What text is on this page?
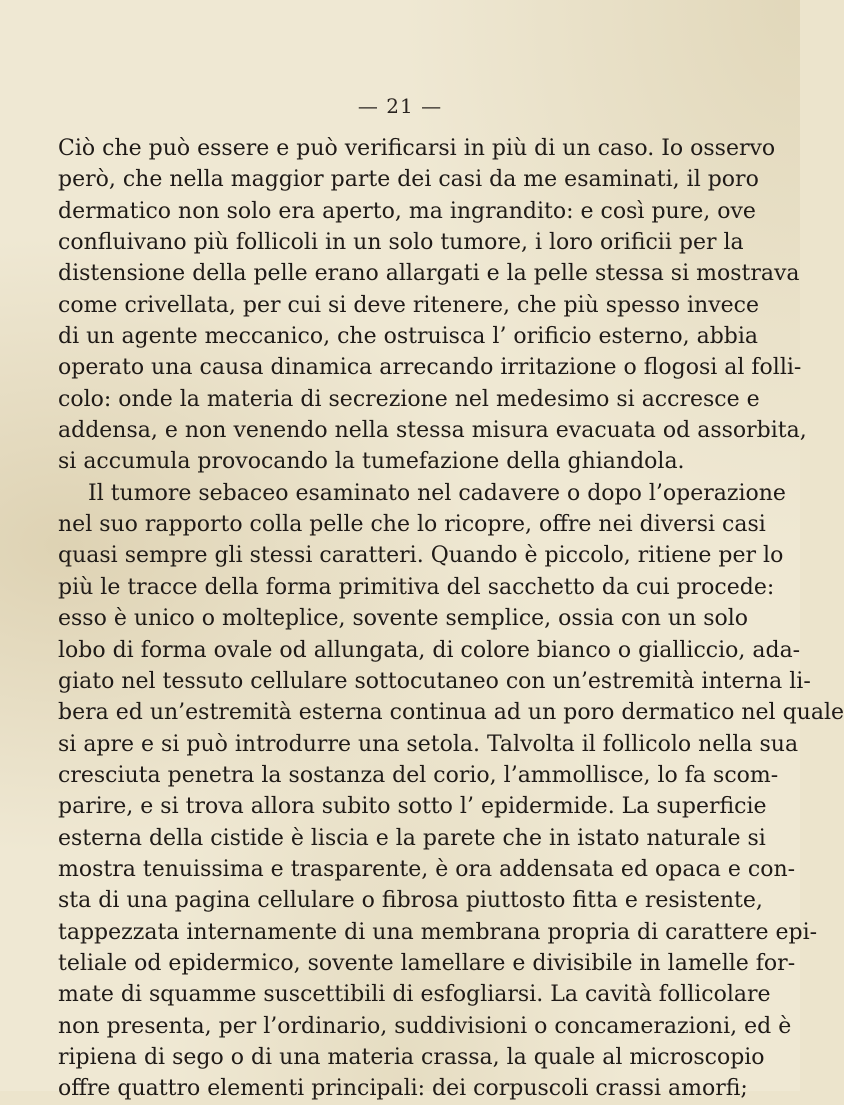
— 21 —
Ciò che può essere e può verificarsi in più di un caso. Io osservo
però, che nella maggior parte dei casi da me esaminati, il poro
dermatico non solo era aperto, ma ingrandito: e così pure, ove
confluivano più follicoli in un solo tumore, i loro orificii per la
distensione della pelle erano allargati e la pelle stessa si mostrava
come crivellata, per cui si deve ritenere, che più spesso invece
di un agente meccanico, che ostruisca l’ orificio esterno, abbia
operato una causa dinamica arrecando irritazione o flogosi al folli-
colo: onde la materia di secrezione nel medesimo si accresce e
addensa, e non venendo nella stessa misura evacuata od assorbita,
si accumula provocando la tumefazione della ghiandola.
Il tumore sebaceo esaminato nel cadavere o dopo l’operazione
nel suo rapporto colla pelle che lo ricopre, offre nei diversi casi
quasi sempre gli stessi caratteri. Quando è piccolo, ritiene per lo
più le tracce della forma primitiva del sacchetto da cui procede:
esso è unico o molteplice, sovente semplice, ossia con un solo
lobo di forma ovale od allungata, di colore bianco o gialliccio, ada-
giato nel tessuto cellulare sottocutaneo con un’estremità interna li-
bera ed un’estremità esterna continua ad un poro dermatico nel quale
si apre e si può introdurre una setola. Talvolta il follicolo nella sua
cresciuta penetra la sostanza del corio, l’ammollisce, lo fa scom-
parire, e si trova allora subito sotto l’ epidermide. La superficie
esterna della cistide è liscia e la parete che in istato naturale si
mostra tenuissima e trasparente, è ora addensata ed opaca e con-
sta di una pagina cellulare o fibrosa piuttosto fitta e resistente,
tappezzata internamente di una membrana propria di carattere epi-
teliale od epidermico, sovente lamellare e divisibile in lamelle for-
mate di squamme suscettibili di esfogliarsi. La cavità follicolare
non presenta, per l’ordinario, suddivisioni o concamerazioni, ed è
ripiena di sego o di una materia crassa, la quale al microscopio
offre quattro elementi principali: dei corpuscoli crassi amorfi;
